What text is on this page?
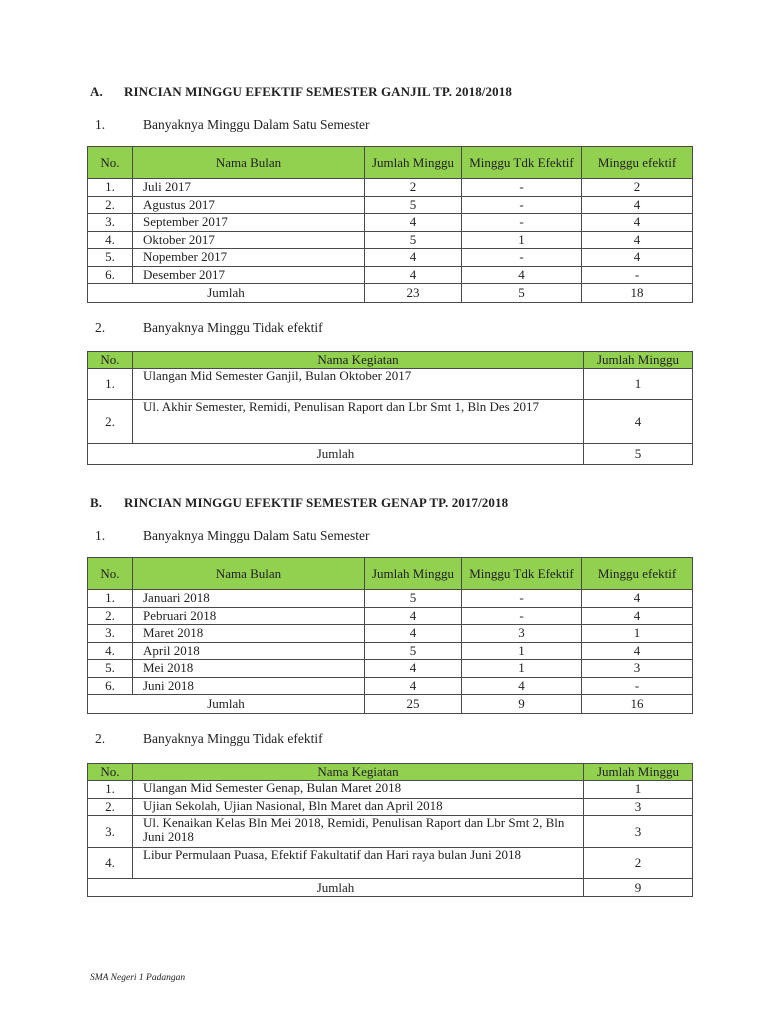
A. RINCIAN MINGGU EFEKTIF SEMESTER GANJIL TP. 2018/2018
1.	Banyaknya Minggu Dalam Satu Semester
No.	Nama Bulan	Jumlah Minggu	Minggu Tdk Efektif	Minggu efektif
1.	Juli 2017	2	-	2
2.	Agustus 2017	5	-	4
3.	September 2017	4	-	4
4.	Oktober 2017	5	1	4
5.	Nopember 2017	4	-	4
6.	Desember 2017	4	4	-
Jumlah		23	5	18
2.	Banyaknya Minggu Tidak efektif
No.	Nama Kegiatan	Jumlah Minggu
1.	Ulangan Mid Semester Ganjil, Bulan Oktober 2017	1
2.	Ul. Akhir Semester, Remidi, Penulisan Raport dan Lbr Smt 1, Bln Des 2017	4
Jumlah		5
B. RINCIAN MINGGU EFEKTIF SEMESTER GENAP TP. 2017/2018
1.	Banyaknya Minggu Dalam Satu Semester
No.	Nama Bulan	Jumlah Minggu	Minggu Tdk Efektif	Minggu efektif
1.	Januari 2018	5	-	4
2.	Pebruari 2018	4	-	4
3.	Maret 2018	4	3	1
4.	April 2018	5	1	4
5.	Mei 2018	4	1	3
6.	Juni 2018	4	4	-
Jumlah		25	9	16
2.	Banyaknya Minggu Tidak efektif
No.	Nama Kegiatan	Jumlah Minggu
1.	Ulangan Mid Semester Genap, Bulan Maret 2018	1
2.	Ujian Sekolah, Ujian Nasional, Bln Maret dan April 2018	3
3.	Ul. Kenaikan Kelas Bln Mei 2018, Remidi, Penulisan Raport dan Lbr Smt 2, Bln Juni 2018	3
4.	Libur Permulaan Puasa, Efektif Fakultatif dan Hari raya bulan Juni 2018	2
Jumlah		9
SMA Negeri 1 Padangan
